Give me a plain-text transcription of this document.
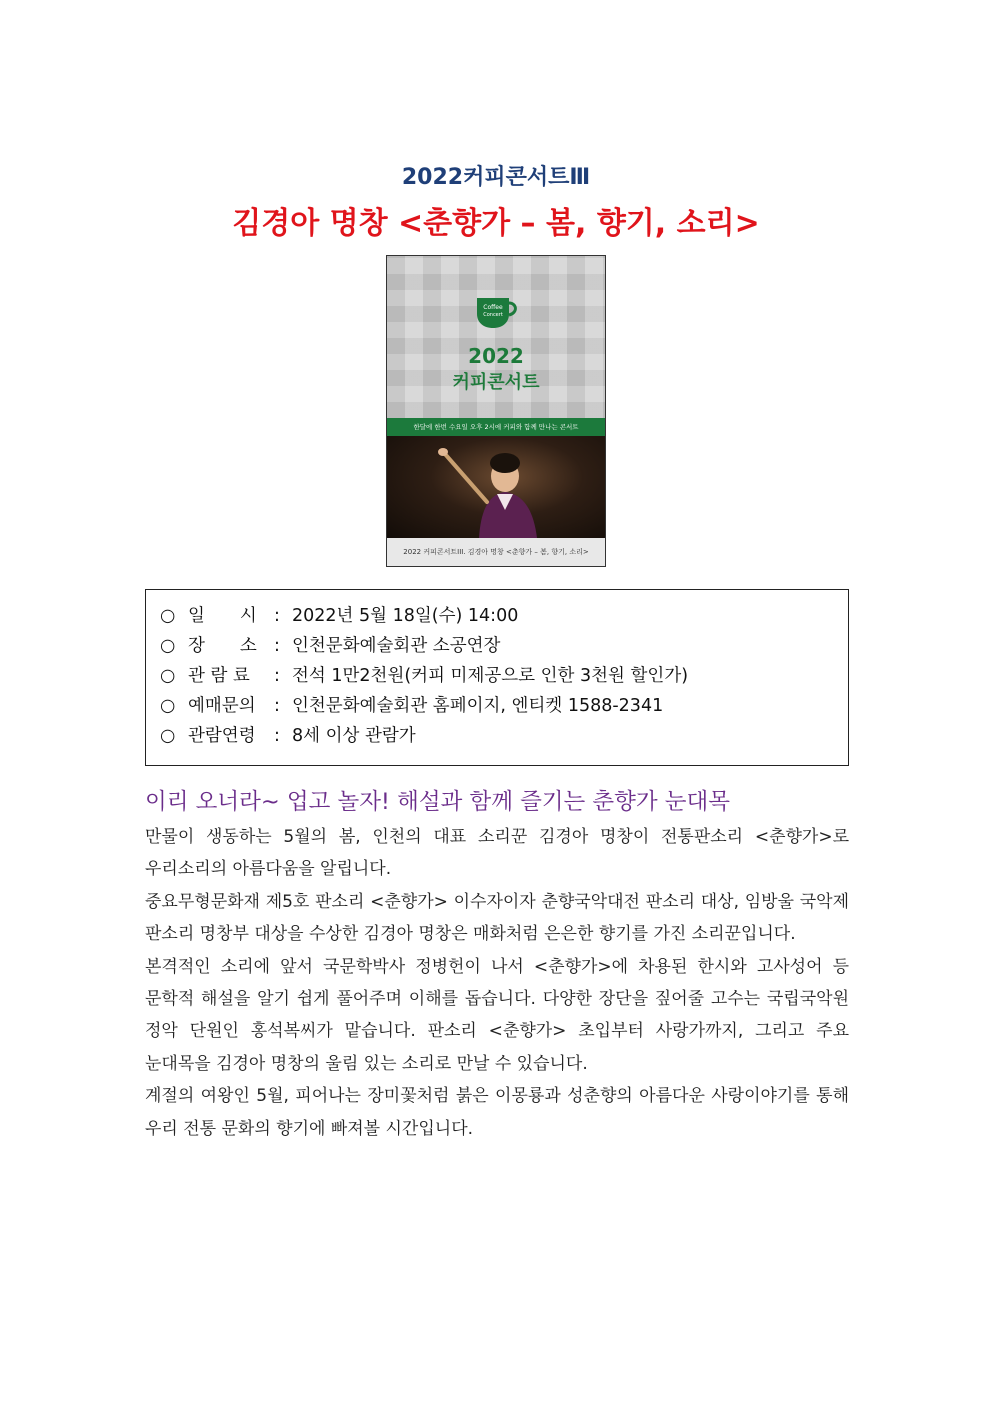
2022커피콘서트Ⅲ
김경아 명창 <춘향가 – 봄, 향기, 소리>
Coffee
Concert
2022
커피콘서트
한달에 한번 수요일 오후 2시에 커피와 함께 만나는 콘서트
2022 커피콘서트III. 김경아 명창 <춘향가 – 봄, 향기, 소리>
○ 일　　시 : 2022년 5월 18일(수) 14:00
○ 장　　소 : 인천문화예술회관 소공연장
○ 관 람 료 : 전석 1만2천원(커피 미제공으로 인한 3천원 할인가)
○ 예매문의 : 인천문화예술회관 홈페이지, 엔티켓 1588-2341
○ 관람연령 : 8세 이상 관람가
이리 오너라~ 업고 놀자! 해설과 함께 즐기는 춘향가 눈대목

만물이 생동하는 5월의 봄, 인천의 대표 소리꾼 김경아 명창이 전통판소리 <춘향가>로 우리소리의 아름다움을 알립니다.

중요무형문화재 제5호 판소리 <춘향가> 이수자이자 춘향국악대전 판소리 대상, 임방울 국악제 판소리 명창부 대상을 수상한 김경아 명창은 매화처럼 은은한 향기를 가진 소리꾼입니다.

본격적인 소리에 앞서 국문학박사 정병헌이 나서 <춘향가>에 차용된 한시와 고사성어 등 문학적 해설을 알기 쉽게 풀어주며 이해를 돕습니다. 다양한 장단을 짚어줄 고수는 국립국악원 정악 단원인 홍석복씨가 맡습니다. 판소리 <춘향가> 초입부터 사랑가까지, 그리고 주요 눈대목을 김경아 명창의 울림 있는 소리로 만날 수 있습니다.

계절의 여왕인 5월, 피어나는 장미꽃처럼 붉은 이몽룡과 성춘향의 아름다운 사랑이야기를 통해 우리 전통 문화의 향기에 빠져볼 시간입니다.
